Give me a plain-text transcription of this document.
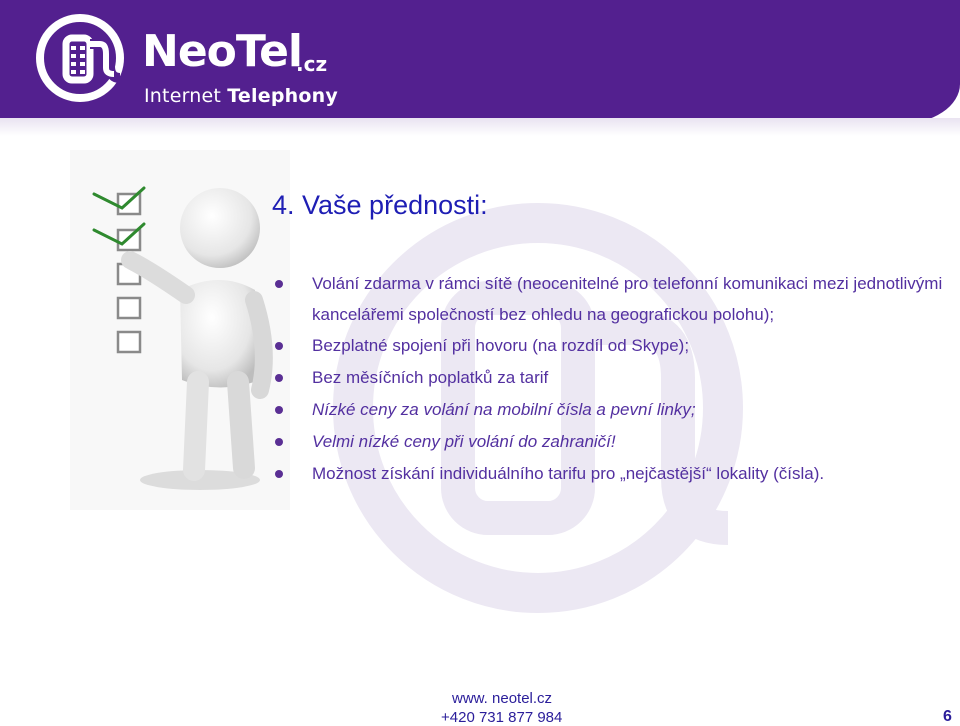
NeoTel
.cz
Internet Telephony
4. Vaše přednosti:
Volání zdarma v rámci sítě (neocenitelné pro telefonní komunikaci mezi jednotlivými kancelářemi společností bez ohledu na geografickou polohu);
Bezplatné spojení při hovoru (na rozdíl od Skype);
Bez měsíčních poplatků za tarif
Nízké ceny za volání na mobilní čísla a pevní linky;
Velmi nízké ceny při volání do zahraničí!
Možnost získání individuálního tarifu pro „nejčastější“ lokality (čísla).
www. neotel.cz
+420 731 877 984	6
